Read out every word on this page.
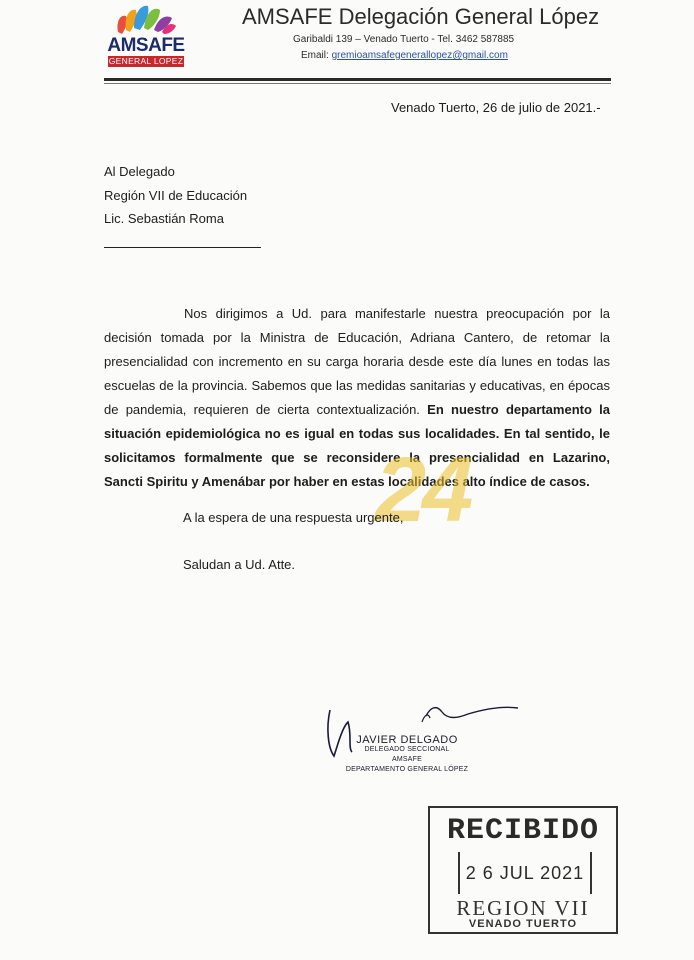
AMSAFE
GENERAL LOPEZ
AMSAFE Delegación General López
Garibaldi 139 – Venado Tuerto - Tel. 3462 587885
Email: gremioamsafegenerallopez@gmail.com
Venado Tuerto, 26 de julio de 2021.-
Al Delegado
Región VII de Educación
Lic. Sebastián Roma

Nos dirigimos a Ud. para manifestarle nuestra preocupación por la decisión tomada por la Ministra de Educación, Adriana Cantero, de retomar la presencialidad con incremento en su carga horaria desde este día lunes en todas las escuelas de la provincia. Sabemos que las medidas sanitarias y educativas, en épocas de pandemia, requieren de cierta contextualización. En nuestro departamento la situación epidemiológica no es igual en todas sus localidades. En tal sentido, le solicitamos formalmente que se reconsidere la presencialidad en Lazarino, Sancti Spiritu y Amenábar por haber en estas localidades alto índice de casos.

24
A la espera de una respuesta urgente,
Saludan a Ud. Atte.
JAVIER DELGADO
DELEGADO SECCIONAL
AMSAFE
DEPARTAMENTO GENERAL LÓPEZ
RECIBIDO
2 6 JUL 2021
REGION VII
VENADO TUERTO
